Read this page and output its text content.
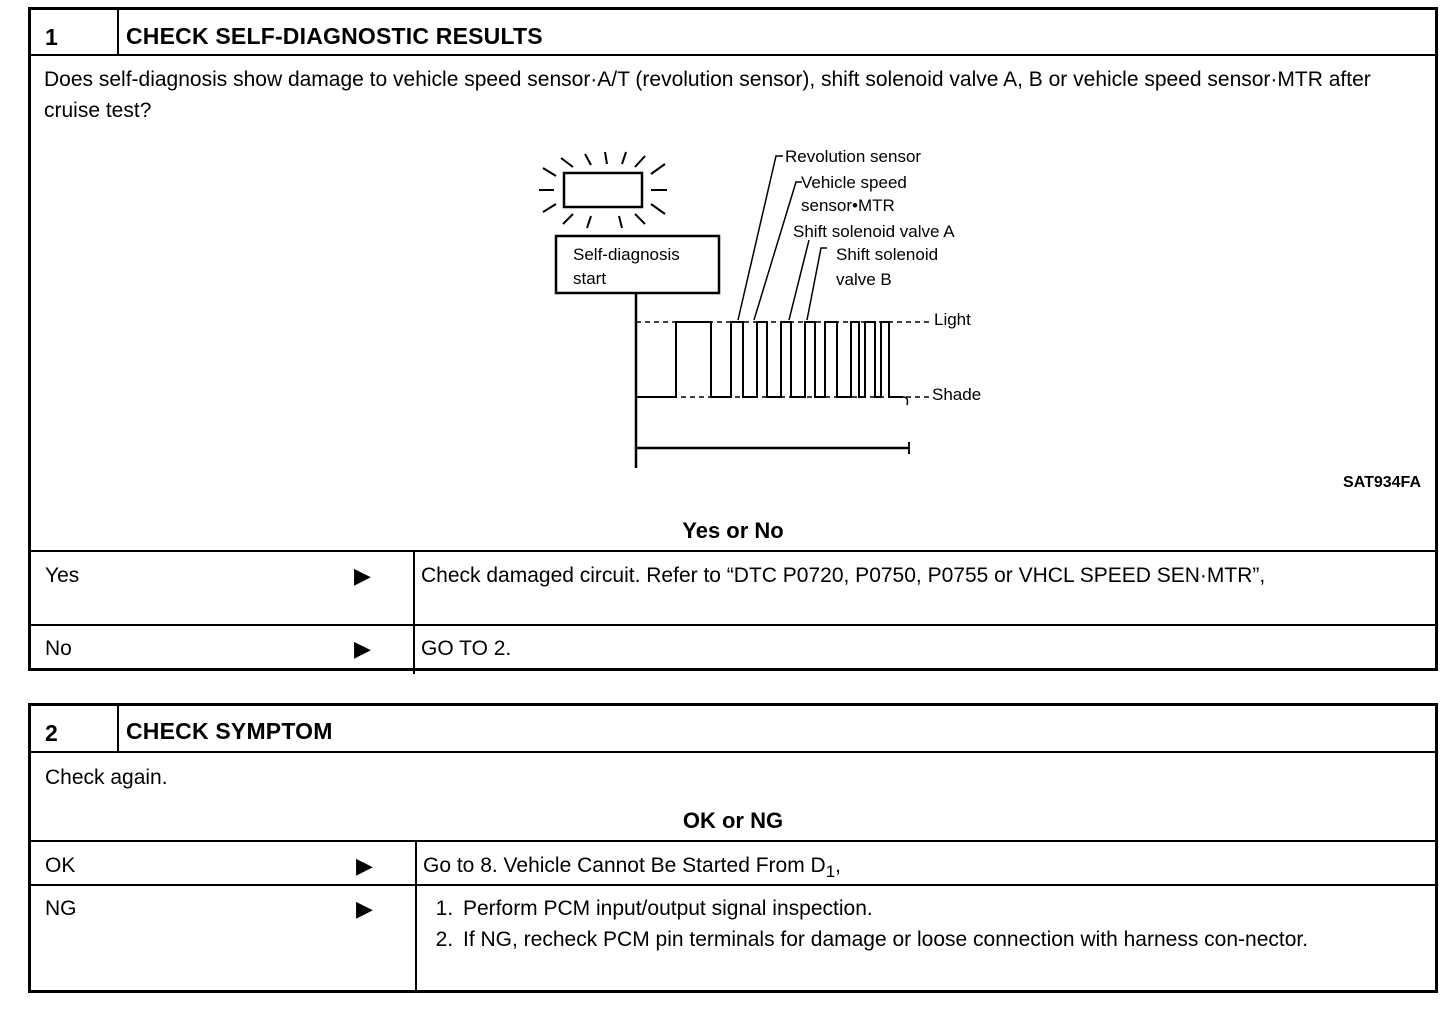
1	CHECK SELF-DIAGNOSTIC RESULTS
Does self-diagnosis show damage to vehicle speed sensor·A/T (revolution sensor), shift solenoid valve A, B or vehicle speed sensor·MTR after cruise test?
Self-diagnosis
start
Revolution sensor
Vehicle speed
sensor•MTR
Shift solenoid valve A
Shift solenoid
valve B
Light
Shade
SAT934FA
Yes or No
Yes	▶ Check damaged circuit. Refer to “DTC P0720, P0750, P0755 or VHCL SPEED SEN·MTR”,
No	▶ GO TO 2.
2	CHECK SYMPTOM
Check again.
OK or NG
OK	▶ Go to 8. Vehicle Cannot Be Started From $D_1$,
NG	▶
1.	Perform PCM input/output signal inspection.
2. If NG, recheck PCM pin terminals for damage or loose connection with harness con-nector.
